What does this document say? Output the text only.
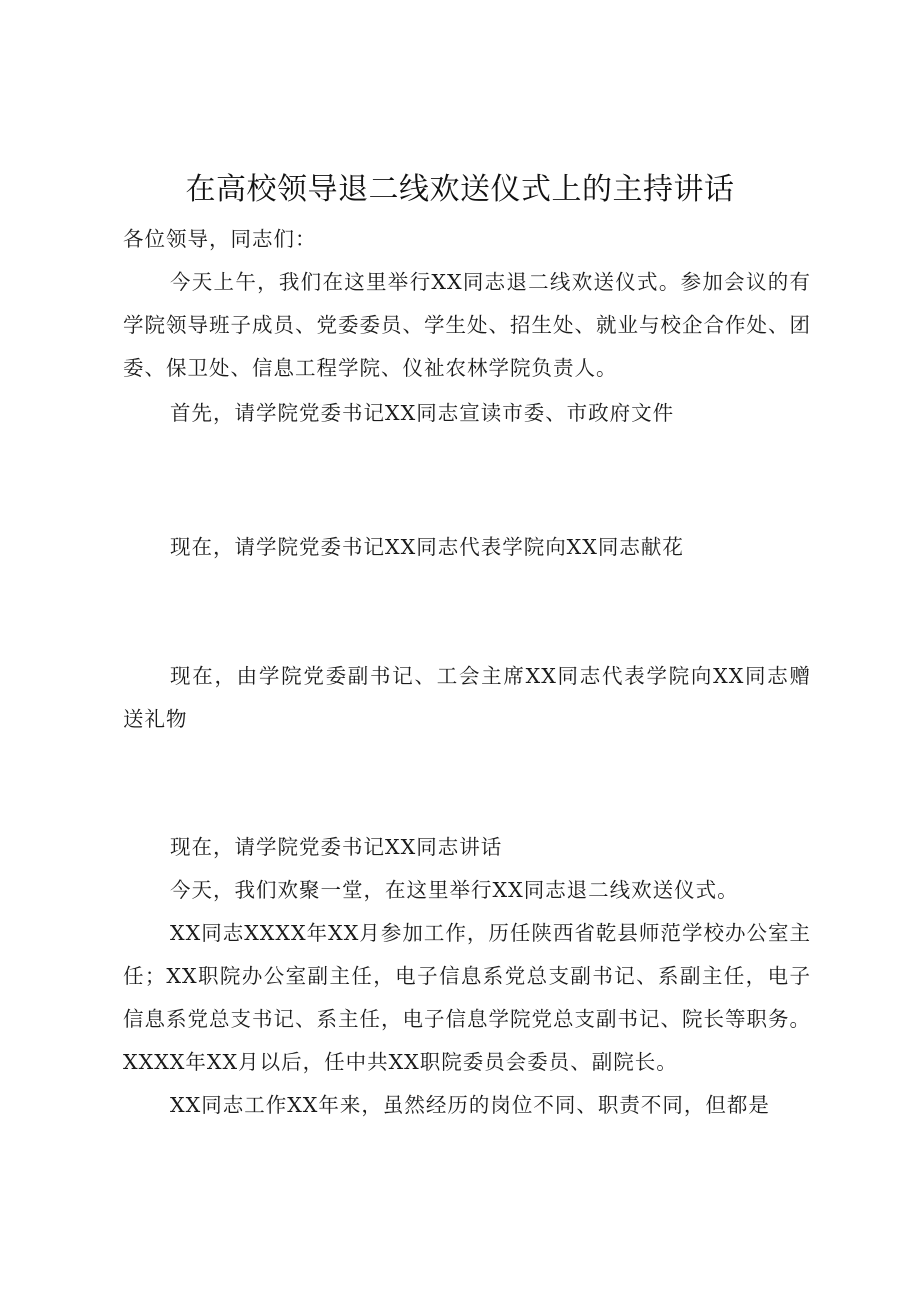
在高校领导退二线欢送仪式上的主持讲话

各位领导，同志们：

今天上午，我们在这里举行XX同志退二线欢送仪式。参加会议的有学院领导班子成员、党委委员、学生处、招生处、就业与校企合作处、团委、保卫处、信息工程学院、仪祉农林学院负责人。

首先，请学院党委书记XX同志宣读市委、市政府文件

现在，请学院党委书记XX同志代表学院向XX同志献花

现在，由学院党委副书记、工会主席XX同志代表学院向XX同志赠送礼物

现在，请学院党委书记XX同志讲话

今天，我们欢聚一堂，在这里举行XX同志退二线欢送仪式。

XX同志XXXX年XX月参加工作，历任陕西省乾县师范学校办公室主任；XX职院办公室副主任，电子信息系党总支副书记、系副主任，电子信息系党总支书记、系主任，电子信息学院党总支副书记、院长等职务。XXXX年XX月以后，任中共XX职院委员会委员、副院长。

XX同志工作XX年来，虽然经历的岗位不同、职责不同，但都是
